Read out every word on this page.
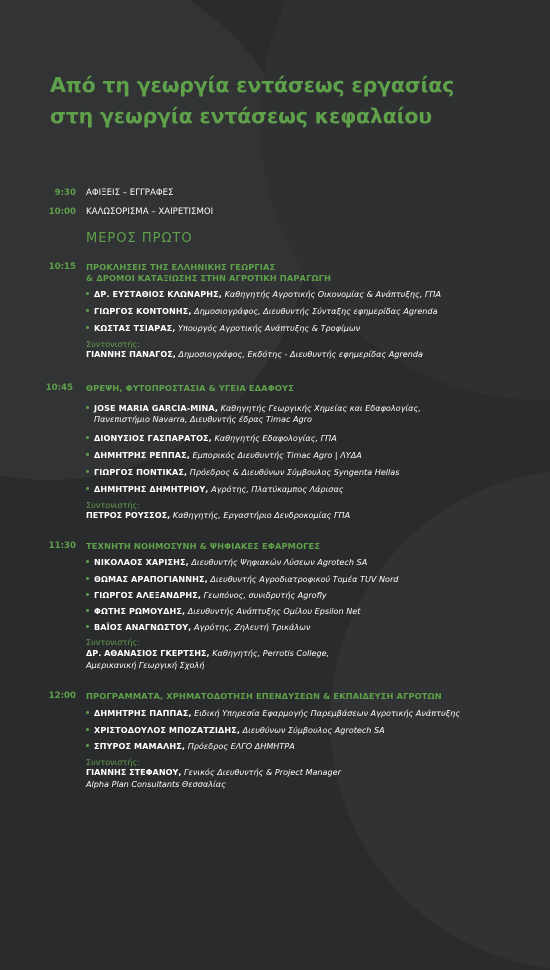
Από τη γεωργία εντάσεως εργασίας
στη γεωργία εντάσεως κεφαλαίου
9:30 ΑΦΙΞΕΙΣ – ΕΓΓΡΑΦΕΣ
10:00 ΚΑΛΩΣΟΡΙΣΜΑ – ΧΑΙΡΕΤΙΣΜΟΙ
ΜΕΡΟΣ ΠΡΩΤΟ
10:15 ΠΡΟΚΛΗΣΕΙΣ ΤΗΣ ΕΛΛΗΝΙΚΗΣ ΓΕΩΡΓΙΑΣ
& ΔΡΟΜΟΙ ΚΑΤΑΞΙΩΣΗΣ ΣΤΗΝ ΑΓΡΟΤΙΚΗ ΠΑΡΑΓΩΓΗ
ΔΡ. ΕΥΣΤΑΘΙΟΣ ΚΛΩΝΑΡΗΣ, Καθηγητής Αγροτικής Οικονομίας & Ανάπτυξης, ΓΠΑ
ΓΙΩΡΓΟΣ ΚΟΝΤΟΝΗΣ, Δημοσιογράφος, Διευθυντής Σύνταξης εφημερίδας Agrenda
ΚΩΣΤΑΣ ΤΣΙΑΡΑΣ, Υπουργός Αγροτικής Ανάπτυξης & Τροφίμων
Συντονιστής:
ΓΙΑΝΝΗΣ ΠΑΝΑΓΟΣ, Δημοσιογράφος, Εκδότης - Διευθυντής εφημερίδας Agrenda
10:45 ΘΡΕΨΗ, ΦΥΤΟΠΡΟΣΤΑΣΙΑ & ΥΓΕΙΑ ΕΔΑΦΟΥΣ
JOSE MARIA GARCIA-MINA, Καθηγητής Γεωργικής Χημείας και Εδαφολογίας,
Πανεπιστήμιο Navarra, Διευθυντής έδρας Timac Agro
ΔΙΟΝΥΣΙΟΣ ΓΑΣΠΑΡΑΤΟΣ, Καθηγητής Εδαφολογίας, ΓΠΑ
ΔΗΜΗΤΡΗΣ ΡΕΠΠΑΣ, Εμπορικός Διευθυντής Timac Agro | ΛΥΔΑ
ΓΙΩΡΓΟΣ ΠΟΝΤΙΚΑΣ, Πρόεδρος & Διευθύνων Σύμβουλος Syngenta Hellas
ΔΗΜΗΤΡΗΣ ΔΗΜΗΤΡΙΟΥ, Αγρότης, Πλατύκαμπος Λάρισας
Συντονιστής:
ΠΕΤΡΟΣ ΡΟΥΣΣΟΣ, Καθηγητής, Εργαστήριο Δενδροκομίας ΓΠΑ
11:30 ΤΕΧΝΗΤΗ ΝΟΗΜΟΣΥΝΗ & ΨΗΦΙΑΚΕΣ ΕΦΑΡΜΟΓΕΣ
ΝΙΚΟΛΑΟΣ ΧΑΡΙΣΗΣ, Διευθυντής Ψηφιακών Λύσεων Agrotech SA
ΘΩΜΑΣ ΑΡΑΠΟΓΙΑΝΝΗΣ, Διευθυντής Αγροδιατροφικού Τομέα TUV Nord
ΓΙΩΡΓΟΣ ΑΛΕΞΑΝΔΡΗΣ, Γεωπόνος, συνιδρυτής Agrofly
ΦΩΤΗΣ ΡΩΜΟΥΔΗΣ, Διευθυντής Ανάπτυξης Ομίλου Epsilon Net
ΒΑΪΟΣ ΑΝΑΓΝΩΣΤΟΥ, Αγρότης, Ζηλευτή Τρικάλων
Συντονιστής:
ΔΡ. ΑΘΑΝΑΣΙΟΣ ΓΚΕΡΤΣΗΣ, Καθηγητής, Perrotis College,
Αμερικανική Γεωργική Σχολή
12:00 ΠΡΟΓΡΑΜΜΑΤΑ, ΧΡΗΜΑΤΟΔΟΤΗΣΗ ΕΠΕΝΔΥΣΕΩΝ & ΕΚΠΑΙΔΕΥΣΗ ΑΓΡΟΤΩΝ
ΔΗΜΗΤΡΗΣ ΠΑΠΠΑΣ, Ειδική Υπηρεσία Εφαρμογής Παρεμβάσεων Αγροτικής Ανάπτυξης
ΧΡΙΣΤΟΔΟΥΛΟΣ ΜΠΟΖΑΤΖΙΔΗΣ, Διευθύνων Σύμβουλος Agrotech SA
ΣΠΥΡΟΣ ΜΑΜΑΛΗΣ, Πρόεδρος ΕΛΓΟ ΔΗΜΗΤΡΑ
Συντονιστής:
ΓΙΑΝΝΗΣ ΣΤΕΦΑΝΟΥ, Γενικός Διευθυντής & Project Manager
Alpha Plan Consultants Θεσσαλίας
